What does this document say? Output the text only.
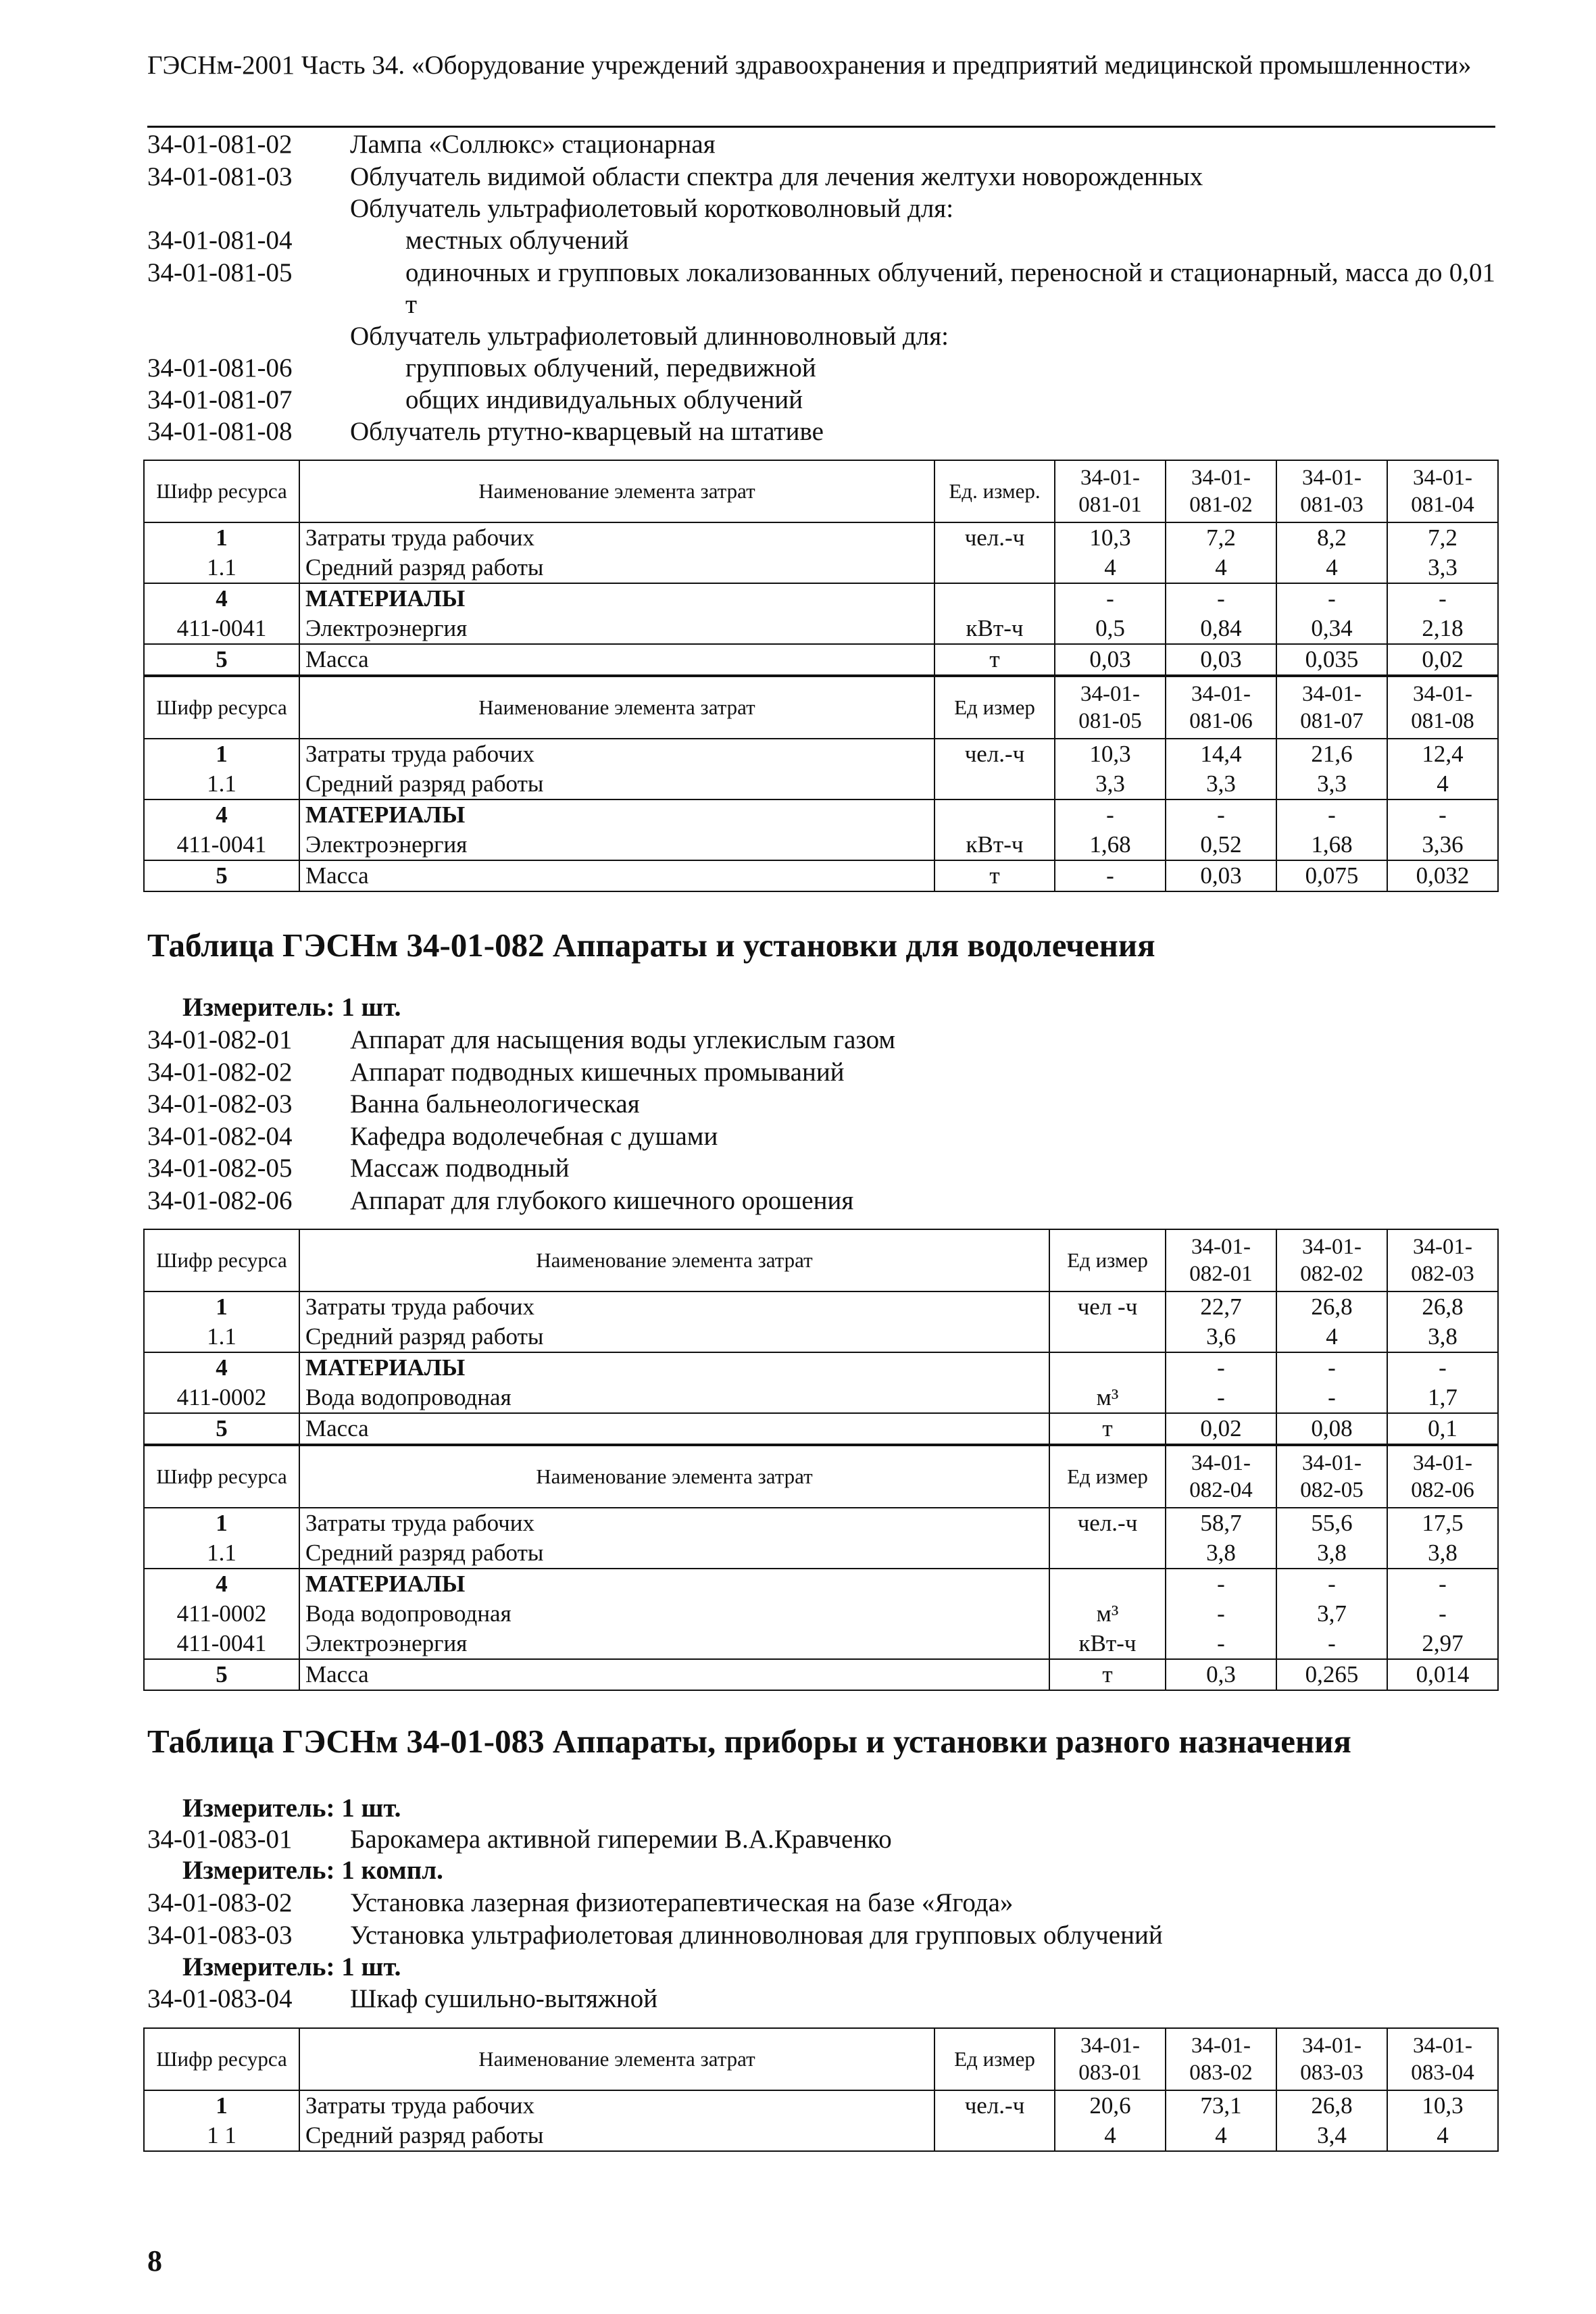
ГЭСНм-2001 Часть 34. «Оборудование учреждений здравоохранения и предприятий медицинской промышленности»
34-01-081-02 Лампа «Соллюкс» стационарная
34-01-081-03 Облучатель видимой области спектра для лечения желтухи новорожденных
Облучатель ультрафиолетовый коротковолновый для:
34-01-081-04	местных облучений
34-01-081-05	одиночных и групповых локализованных облучений, переносной и стационарный, масса до 0,01 т
Облучатель ультрафиолетовый длинноволновый для:
34-01-081-06	групповых облучений, передвижной
34-01-081-07	общих индивидуальных облучений
34-01-081-08 Облучатель ртутно-кварцевый на штативе
Шифр ресурса	Наименование элемента затрат	Ед. измер.	34-01-081-01	34-01-081-02	34-01-081-03	34-01-081-04
1	Затраты труда рабочих	чел.-ч	10,3	7,2	8,2	7,2
1.1	Средний разряд работы		4	4	4	3,3
4	МАТЕРИАЛЫ		-	-	-	-
411-0041	Электроэнергия	кВт-ч	0,5	0,84	0,34	2,18
5	Масса	т	0,03	0,03	0,035	0,02
Шифр ресурса	Наименование элемента затрат	Ед измер	34-01-081-05	34-01-081-06	34-01-081-07	34-01-081-08
1	Затраты труда рабочих	чел.-ч	10,3	14,4	21,6	12,4
1.1	Средний разряд работы		3,3	3,3	3,3	4
4	МАТЕРИАЛЫ		-	-	-	-
411-0041	Электроэнергия	кВт-ч	1,68	0,52	1,68	3,36
5	Масса	т	-	0,03	0,075	0,032
Таблица ГЭСНм 34-01-082 Аппараты и установки для водолечения
Измеритель: 1 шт.
34-01-082-01 Аппарат для насыщения воды углекислым газом
34-01-082-02 Аппарат подводных кишечных промываний
34-01-082-03 Ванна бальнеологическая
34-01-082-04 Кафедра водолечебная с душами
34-01-082-05 Массаж подводный
34-01-082-06 Аппарат для глубокого кишечного орошения
Шифр ресурса	Наименование элемента затрат	Ед измер	34-01-082-01	34-01-082-02	34-01-082-03
1	Затраты труда рабочих	чел -ч	22,7	26,8	26,8
1.1	Средний разряд работы		3,6	4	3,8
4	МАТЕРИАЛЫ		-	-	-
411-0002	Вода водопроводная	м³	-	-	1,7
5	Масса	т	0,02	0,08	0,1
Шифр ресурса	Наименование элемента затрат	Ед измер	34-01-082-04	34-01-082-05	34-01-082-06
1	Затраты труда рабочих	чел.-ч	58,7	55,6	17,5
1.1	Средний разряд работы		3,8	3,8	3,8
4	МАТЕРИАЛЫ		-	-	-
411-0002	Вода водопроводная	м³	-	3,7	-
411-0041	Электроэнергия	кВт-ч	-	-	2,97
5	Масса	т	0,3	0,265	0,014
Таблица ГЭСНм 34-01-083 Аппараты, приборы и установки разного назначения
Измеритель: 1 шт.
34-01-083-01 Барокамера активной гиперемии В.А.Кравченко
Измеритель: 1 компл.
34-01-083-02 Установка лазерная физиотерапевтическая на базе «Ягода»
34-01-083-03 Установка ультрафиолетовая длинноволновая для групповых облучений
Измеритель: 1 шт.
34-01-083-04 Шкаф сушильно-вытяжной
Шифр ресурса	Наименование элемента затрат	Ед измер	34-01-083-01	34-01-083-02	34-01-083-03	34-01-083-04
1	Затраты труда рабочих	чел.-ч	20,6	73,1	26,8	10,3
1 1	Средний разряд работы		4	4	3,4	4
8
